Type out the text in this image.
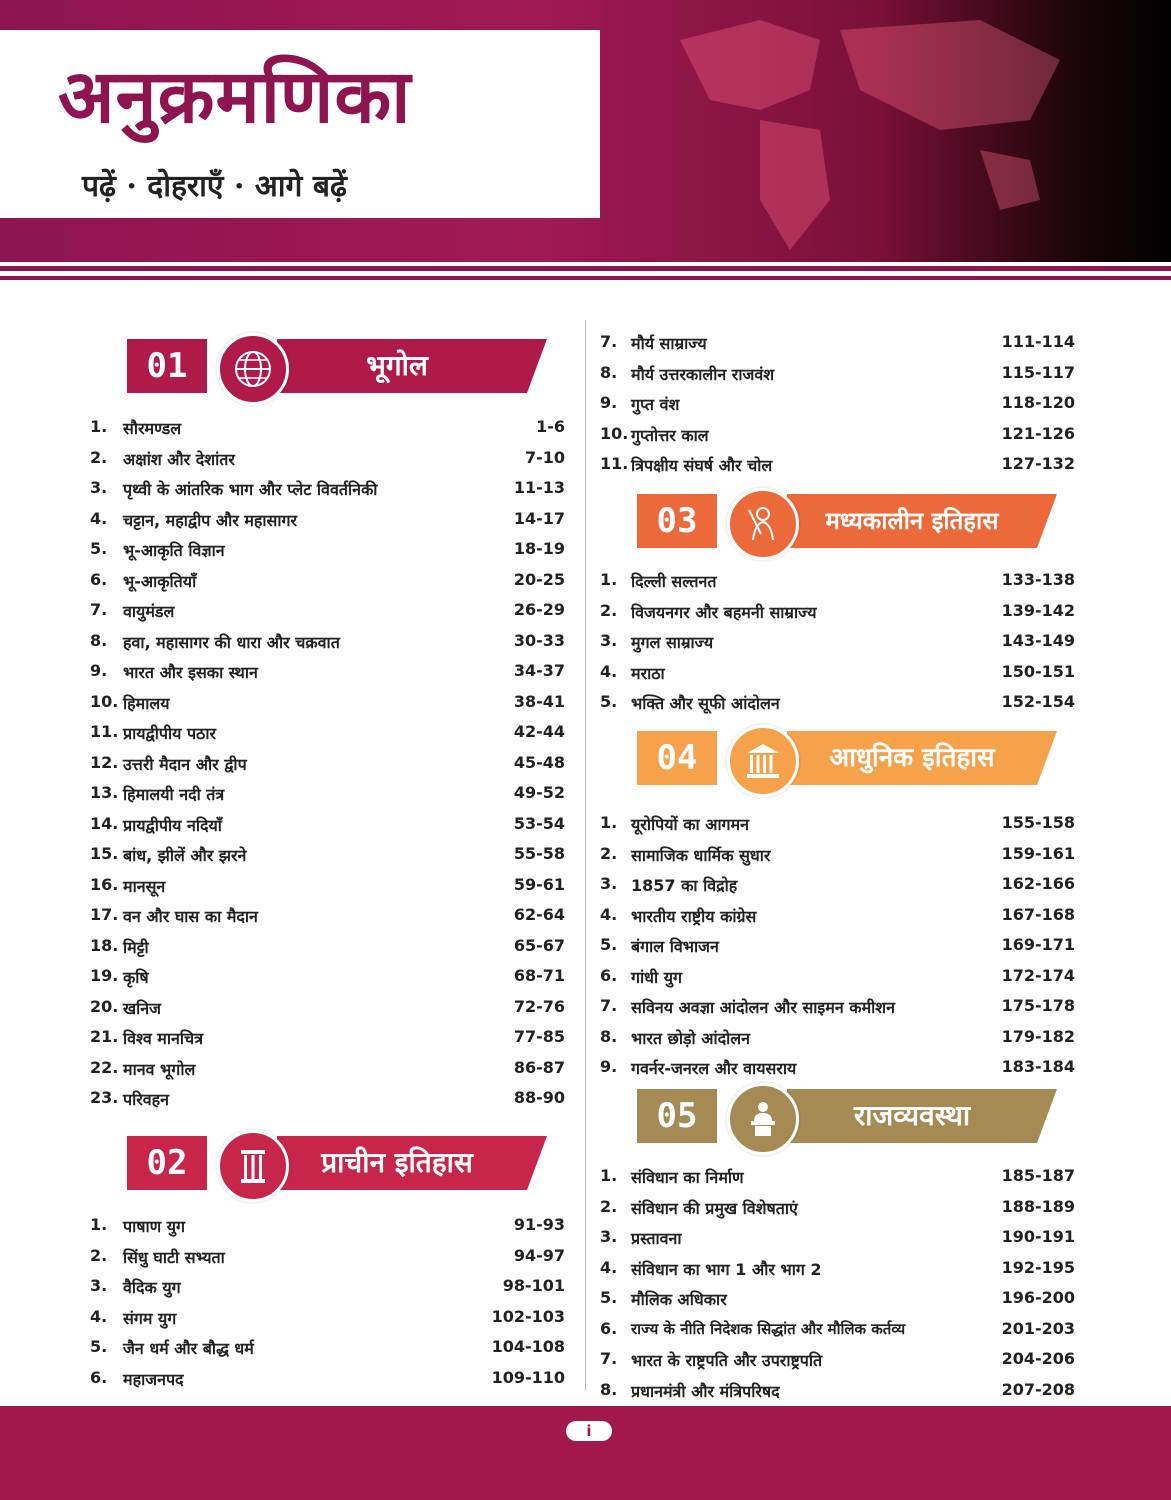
अनुक्रमणिका

पढ़ें · दोहराएँ · आगे बढ़ें

01	भूगोल
1. सौरमण्डल	1-6
2. अक्षांश और देशांतर	7-10
3. पृथ्वी के आंतरिक भाग और प्लेट विवर्तनिकी	11-13
4. चट्टान, महाद्वीप और महासागर	14-17
5. भू-आकृति विज्ञान	18-19
6. भू-आकृतियाँ	20-25
7. वायुमंडल	26-29
8. हवा, महासागर की धारा और चक्रवात	30-33
9. भारत और इसका स्थान	34-37
10. हिमालय	38-41
11. प्रायद्वीपीय पठार	42-44
12. उत्तरी मैदान और द्वीप	45-48
13. हिमालयी नदी तंत्र	49-52
14. प्रायद्वीपीय नदियाँ	53-54
15. बांध, झीलें और झरने	55-58
16. मानसून	59-61
17. वन और घास का मैदान	62-64
18. मिट्टी	65-67
19. कृषि	68-71
20. खनिज	72-76
21. विश्व मानचित्र	77-85
22. मानव भूगोल	86-87
23. परिवहन	88-90
02	प्राचीन इतिहास
1. पाषाण युग	91-93
2. सिंधु घाटी सभ्यता	94-97
3. वैदिक युग	98-101
4. संगम युग	102-103
5. जैन धर्म और बौद्ध धर्म	104-108
6. महाजनपद	109-110
7. मौर्य साम्राज्य	111-114
8. मौर्य उत्तरकालीन राजवंश	115-117
9. गुप्त वंश	118-120
10. गुप्तोत्तर काल	121-126
11. त्रिपक्षीय संघर्ष और चोल	127-132
03	मध्यकालीन इतिहास
1. दिल्ली सल्तनत	133-138
2. विजयनगर और बहमनी साम्राज्य	139-142
3. मुगल साम्राज्य	143-149
4. मराठा	150-151
5. भक्ति और सूफी आंदोलन	152-154
04	आधुनिक इतिहास
1. यूरोपियों का आगमन	155-158
2. सामाजिक धार्मिक सुधार	159-161
3. 1857 का विद्रोह	162-166
4. भारतीय राष्ट्रीय कांग्रेस	167-168
5. बंगाल विभाजन	169-171
6. गांधी युग	172-174
7. सविनय अवज्ञा आंदोलन और साइमन कमीशन	175-178
8. भारत छोड़ो आंदोलन	179-182
9. गवर्नर-जनरल और वायसराय	183-184
05	राजव्यवस्था
1. संविधान का निर्माण	185-187
2. संविधान की प्रमुख विशेषताएं	188-189
3. प्रस्तावना	190-191
4. संविधान का भाग 1 और भाग 2	192-195
5. मौलिक अधिकार	196-200
6. राज्य के नीति निदेशक सिद्धांत और मौलिक कर्तव्य	201-203
7. भारत के राष्ट्रपति और उपराष्ट्रपति	204-206
8. प्रधानमंत्री और मंत्रिपरिषद	207-208
i
